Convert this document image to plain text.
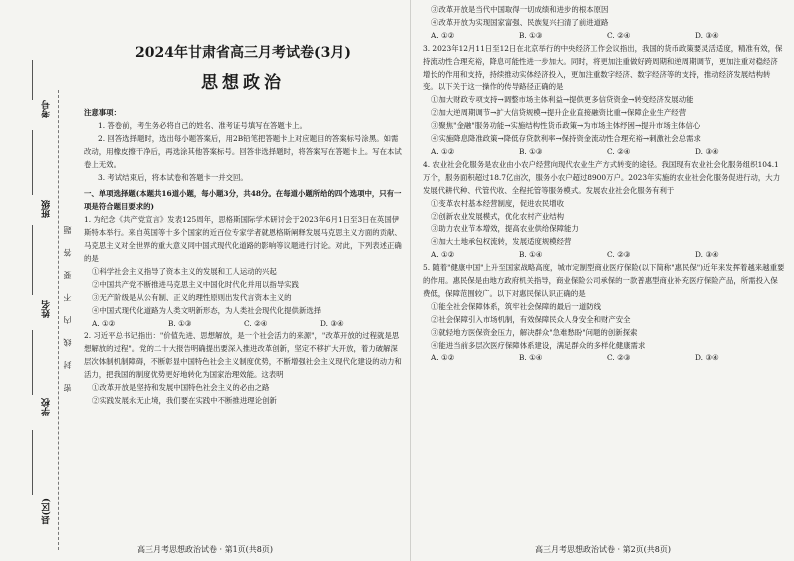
考号
班级
姓名
学校
县(区)
密 封 线 内 不 要 答 题
2024年甘肃省高三月考试卷(3月)
思想政治

注意事项：

1. 答卷前，考生务必将自己的姓名、准考证号填写在答题卡上。

2. 回答选择题时，选出每小题答案后，用2B铅笔把答题卡上对应题目的答案标号涂黑。如需改动，用橡皮擦干净后，再选涂其他答案标号。回答非选择题时，将答案写在答题卡上。写在本试卷上无效。

3. 考试结束后，将本试卷和答题卡一并交回。

一、单项选择题(本题共16道小题，每小题3分，共48分。在每道小题所给的四个选项中，只有一项是符合题目要求的)

1. 为纪念《共产党宣言》发表125周年，思格斯国际学术研讨会于2023年6月1日至3日在英国伊斯特本举行。来自英国等十多个国家的近百位专家学者就恩格斯阐释发展马克思主义方面的贡献、马克思主义对全世界的重大意义同中国式现代化道路的影响等议题进行讨论。对此，下列表述正确的是

①科学社会主义指导了资本主义的发展和工人运动的兴起

②中国共产党不断推进马克思主义中国化时代化并用以指导实践

③无产阶级是从公有制、正义的理性原则出发代言资本主义的

④中国式现代化道路为人类文明新形态，为人类社会现代化提供新选择

A. ①②	B. ①③	C. ②④	D. ③④

2. 习近平总书记指出："价值先进、思想解放，是一个社会活力的来源"，"改革开放的过程就是思想解放的过程"。党的二十大报告明确提出要深入推进改革创新，坚定不移扩大开放，着力破解深层次体制机制障碍，不断彰显中国特色社会主义制度优势，不断增强社会主义现代化建设的动力和活力，把我国的制度优势更好地转化为国家治理效能。这表明

①改革开放是坚持和发展中国特色社会主义的必由之路

②实践发展永无止境，我们要在实践中不断推进理论创新

高三月考思想政治试卷 · 第1页(共8页)

③改革开放是当代中国取得一切成绩和进步的根本原因

④改革开放为实现国家富强、民族复兴扫清了前进道路

A. ①②	B. ①③	C. ②④	D. ③④

3. 2023年12月11日至12日在北京举行的中央经济工作会议指出，我国的货币政策要灵活适度，精准有效，保持流动性合理充裕，降息可能性进一步加大。同时，将更加注重做好跨周期和逆周期调节，更加注重对稳经济增长的作用和支持，持续推动实体经济投入，更加注重数字经济、数字经济等的支持，推动经济发展结构转变。以下关于这一操作的传导路径正确的是

①加大财政专项支持→调整市场主体利益→提供更多信贷资金→转变经济发展动能

②加大逆周期调节→扩大信贷规模→提升企业直接融资比重→保障企业生产经营

③聚焦"金融"服务功能→实施结构性货币政策→为市场主体纾困→提升市场主体信心

④实施降息降准政策→降低存贷款利率→保持资金流动性合理充裕→刺激社会总需求

A. ①②	B. ①③	C. ②④	D. ③④

4. 农业社会化服务是农业由小农户经营向现代农业生产方式转变的途径。我国现有农业社会化服务组织104.1万个，服务面积超过18.7亿亩次，服务小农户超过8900万户。2023年实施的农业社会化服务促进行动，大力发展代耕代种、代管代收、全程托管等服务模式。发展农业社会化服务有利于

①变革农村基本经营制度，促进农民增收

②创新农业发展模式，优化农村产业结构

③助力农业节本增效，提高农业供给保障能力

④加大土地承包权流转，发展适度规模经营

A. ①②	B. ①④	C. ②③	D. ③④

5. 随着"健康中国"上升至国家战略高度，城市定制型商业医疗保险(以下简称"惠民保")近年来发挥着越来越重要的作用。惠民保是由地方政府机关指导，商业保险公司承保的一款普惠型商业补充医疗保险产品，所需投入保费低，保障范围较广。以下对惠民保认识正确的是

①能全社会保障体系，筑牢社会保障的最后一道防线

②社会保障引入市场机制，有效保障民众人身安全和财产安全

③就轻地方医保资金压力，解决群众"急难愁盼"问题的创新探索

④能进当前多层次医疗保障体系建设，满足群众的多样化健康需求

A. ①②	B. ①④	C. ②③	D. ③④

高三月考思想政治试卷 · 第2页(共8页)
